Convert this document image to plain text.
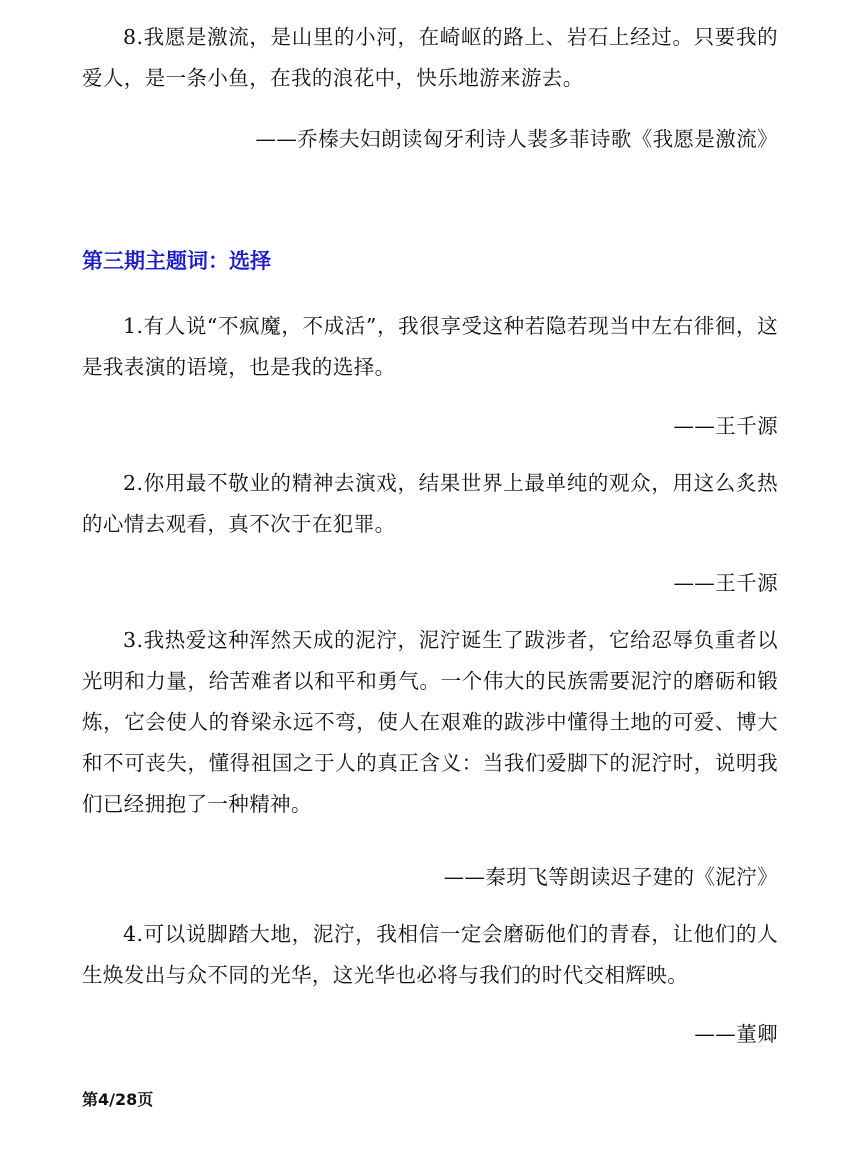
8.我愿是激流，是山里的小河，在崎岖的路上、岩石上经过。只要我的爱人，是一条小鱼，在我的浪花中，快乐地游来游去。

——乔榛夫妇朗读匈牙利诗人裴多菲诗歌《我愿是激流》

第三期主题词：选择

1.有人说“不疯魔，不成活”，我很享受这种若隐若现当中左右徘徊，这是我表演的语境，也是我的选择。

——王千源

2.你用最不敬业的精神去演戏，结果世界上最单纯的观众，用这么炙热的心情去观看，真不次于在犯罪。

——王千源

3.我热爱这种浑然天成的泥泞，泥泞诞生了跋涉者，它给忍辱负重者以光明和力量，给苦难者以和平和勇气。一个伟大的民族需要泥泞的磨砺和锻炼，它会使人的脊梁永远不弯，使人在艰难的跋涉中懂得土地的可爱、博大和不可丧失，懂得祖国之于人的真正含义：当我们爱脚下的泥泞时，说明我们已经拥抱了一种精神。

——秦玥飞等朗读迟子建的《泥泞》

4.可以说脚踏大地，泥泞，我相信一定会磨砺他们的青春，让他们的人生焕发出与众不同的光华，这光华也必将与我们的时代交相辉映。

——董卿

第4/28页
